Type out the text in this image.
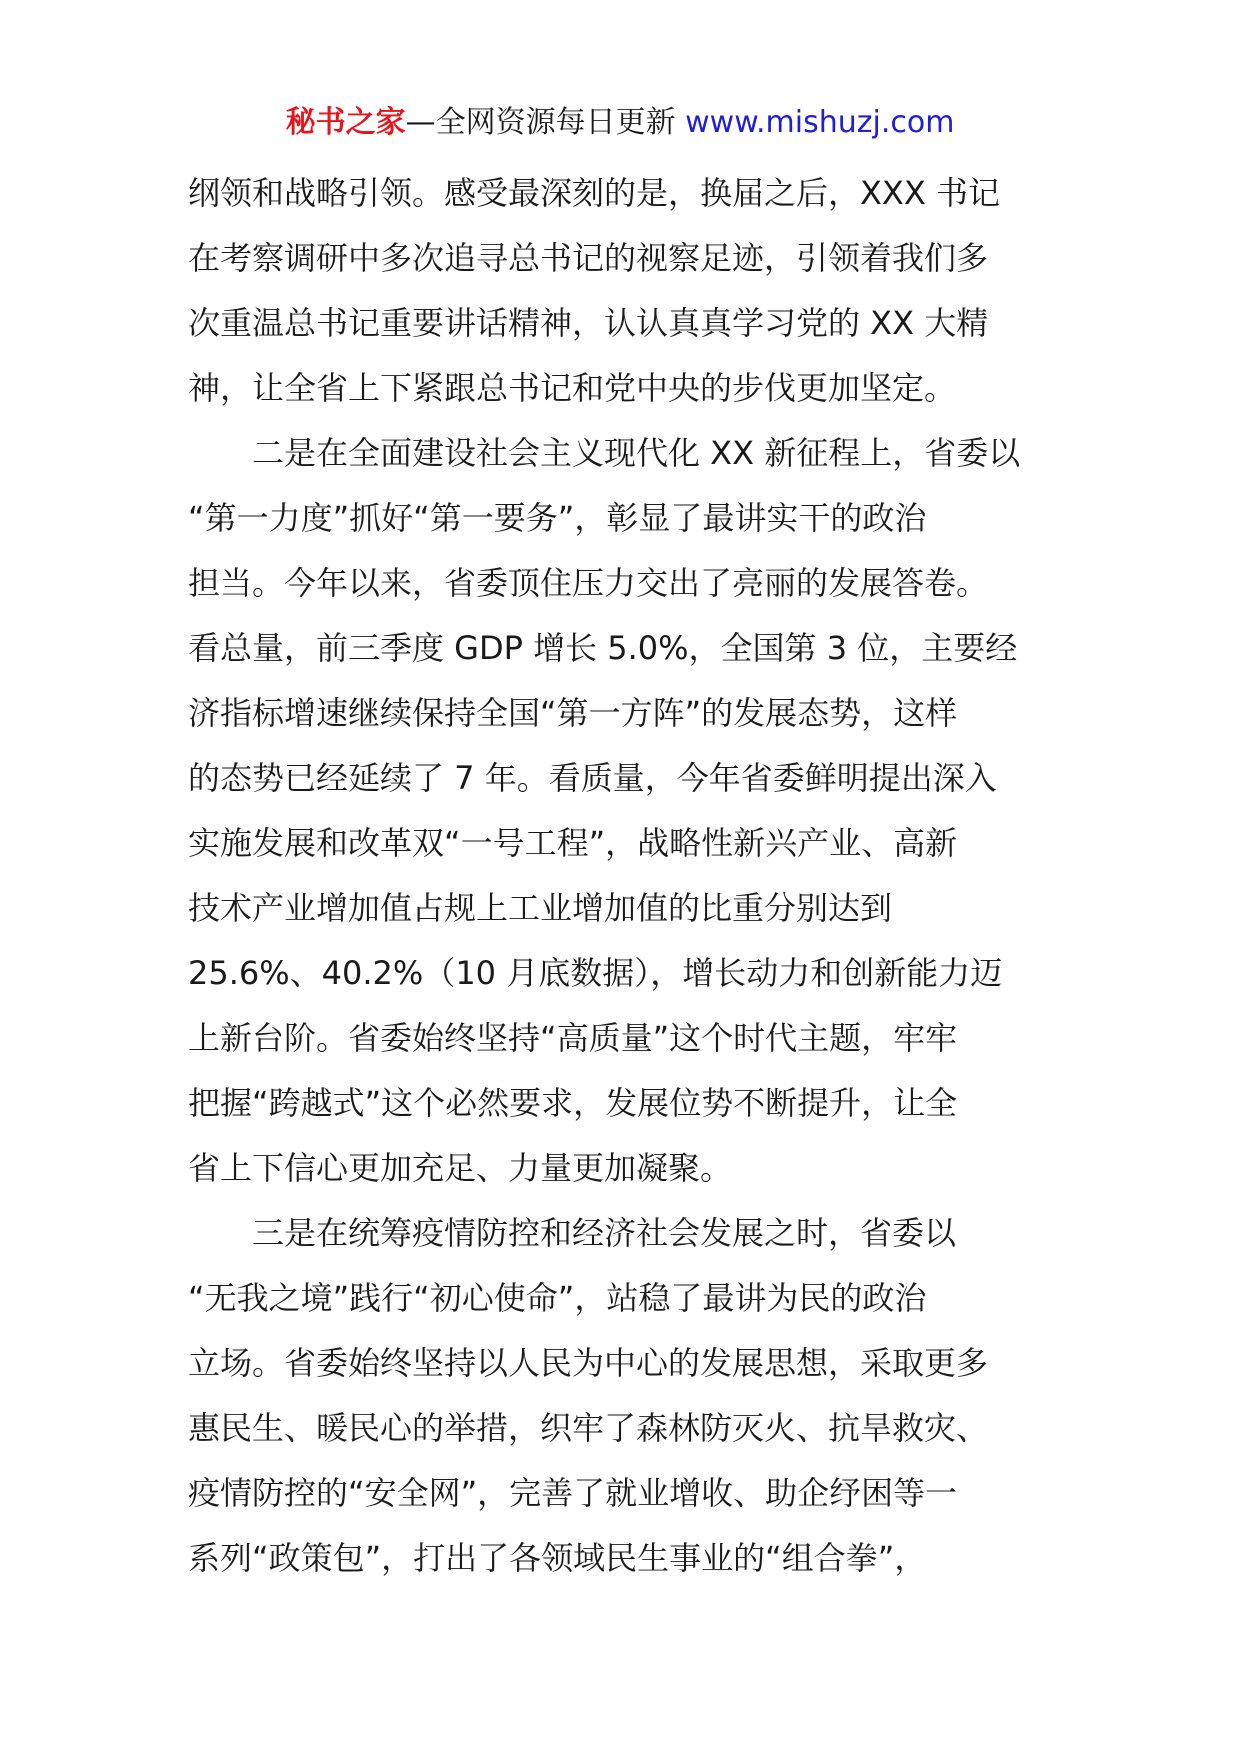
秘书之家—全网资源每日更新 www.mishuzj.com
纲领和战略引领。感受最深刻的是，换届之后，XXX 书记
在考察调研中多次追寻总书记的视察足迹，引领着我们多
次重温总书记重要讲话精神，认认真真学习党的 XX 大精
神，让全省上下紧跟总书记和党中央的步伐更加坚定。
二是在全面建设社会主义现代化 XX 新征程上，省委以
“第一力度”抓好“第一要务”，彰显了最讲实干的政治
担当。今年以来，省委顶住压力交出了亮丽的发展答卷。
看总量，前三季度 GDP 增长 5.0%，全国第 3 位，主要经
济指标增速继续保持全国“第一方阵”的发展态势，这样
的态势已经延续了 7 年。看质量，今年省委鲜明提出深入
实施发展和改革双“一号工程”，战略性新兴产业、高新
技术产业增加值占规上工业增加值的比重分别达到
25.6%、40.2%（10 月底数据），增长动力和创新能力迈
上新台阶。省委始终坚持“高质量”这个时代主题，牢牢
把握“跨越式”这个必然要求，发展位势不断提升，让全
省上下信心更加充足、力量更加凝聚。
三是在统筹疫情防控和经济社会发展之时，省委以
“无我之境”践行“初心使命”，站稳了最讲为民的政治
立场。省委始终坚持以人民为中心的发展思想，采取更多
惠民生、暖民心的举措，织牢了森林防灭火、抗旱救灾、
疫情防控的“安全网”，完善了就业增收、助企纾困等一
系列“政策包”，打出了各领域民生事业的“组合拳”，
